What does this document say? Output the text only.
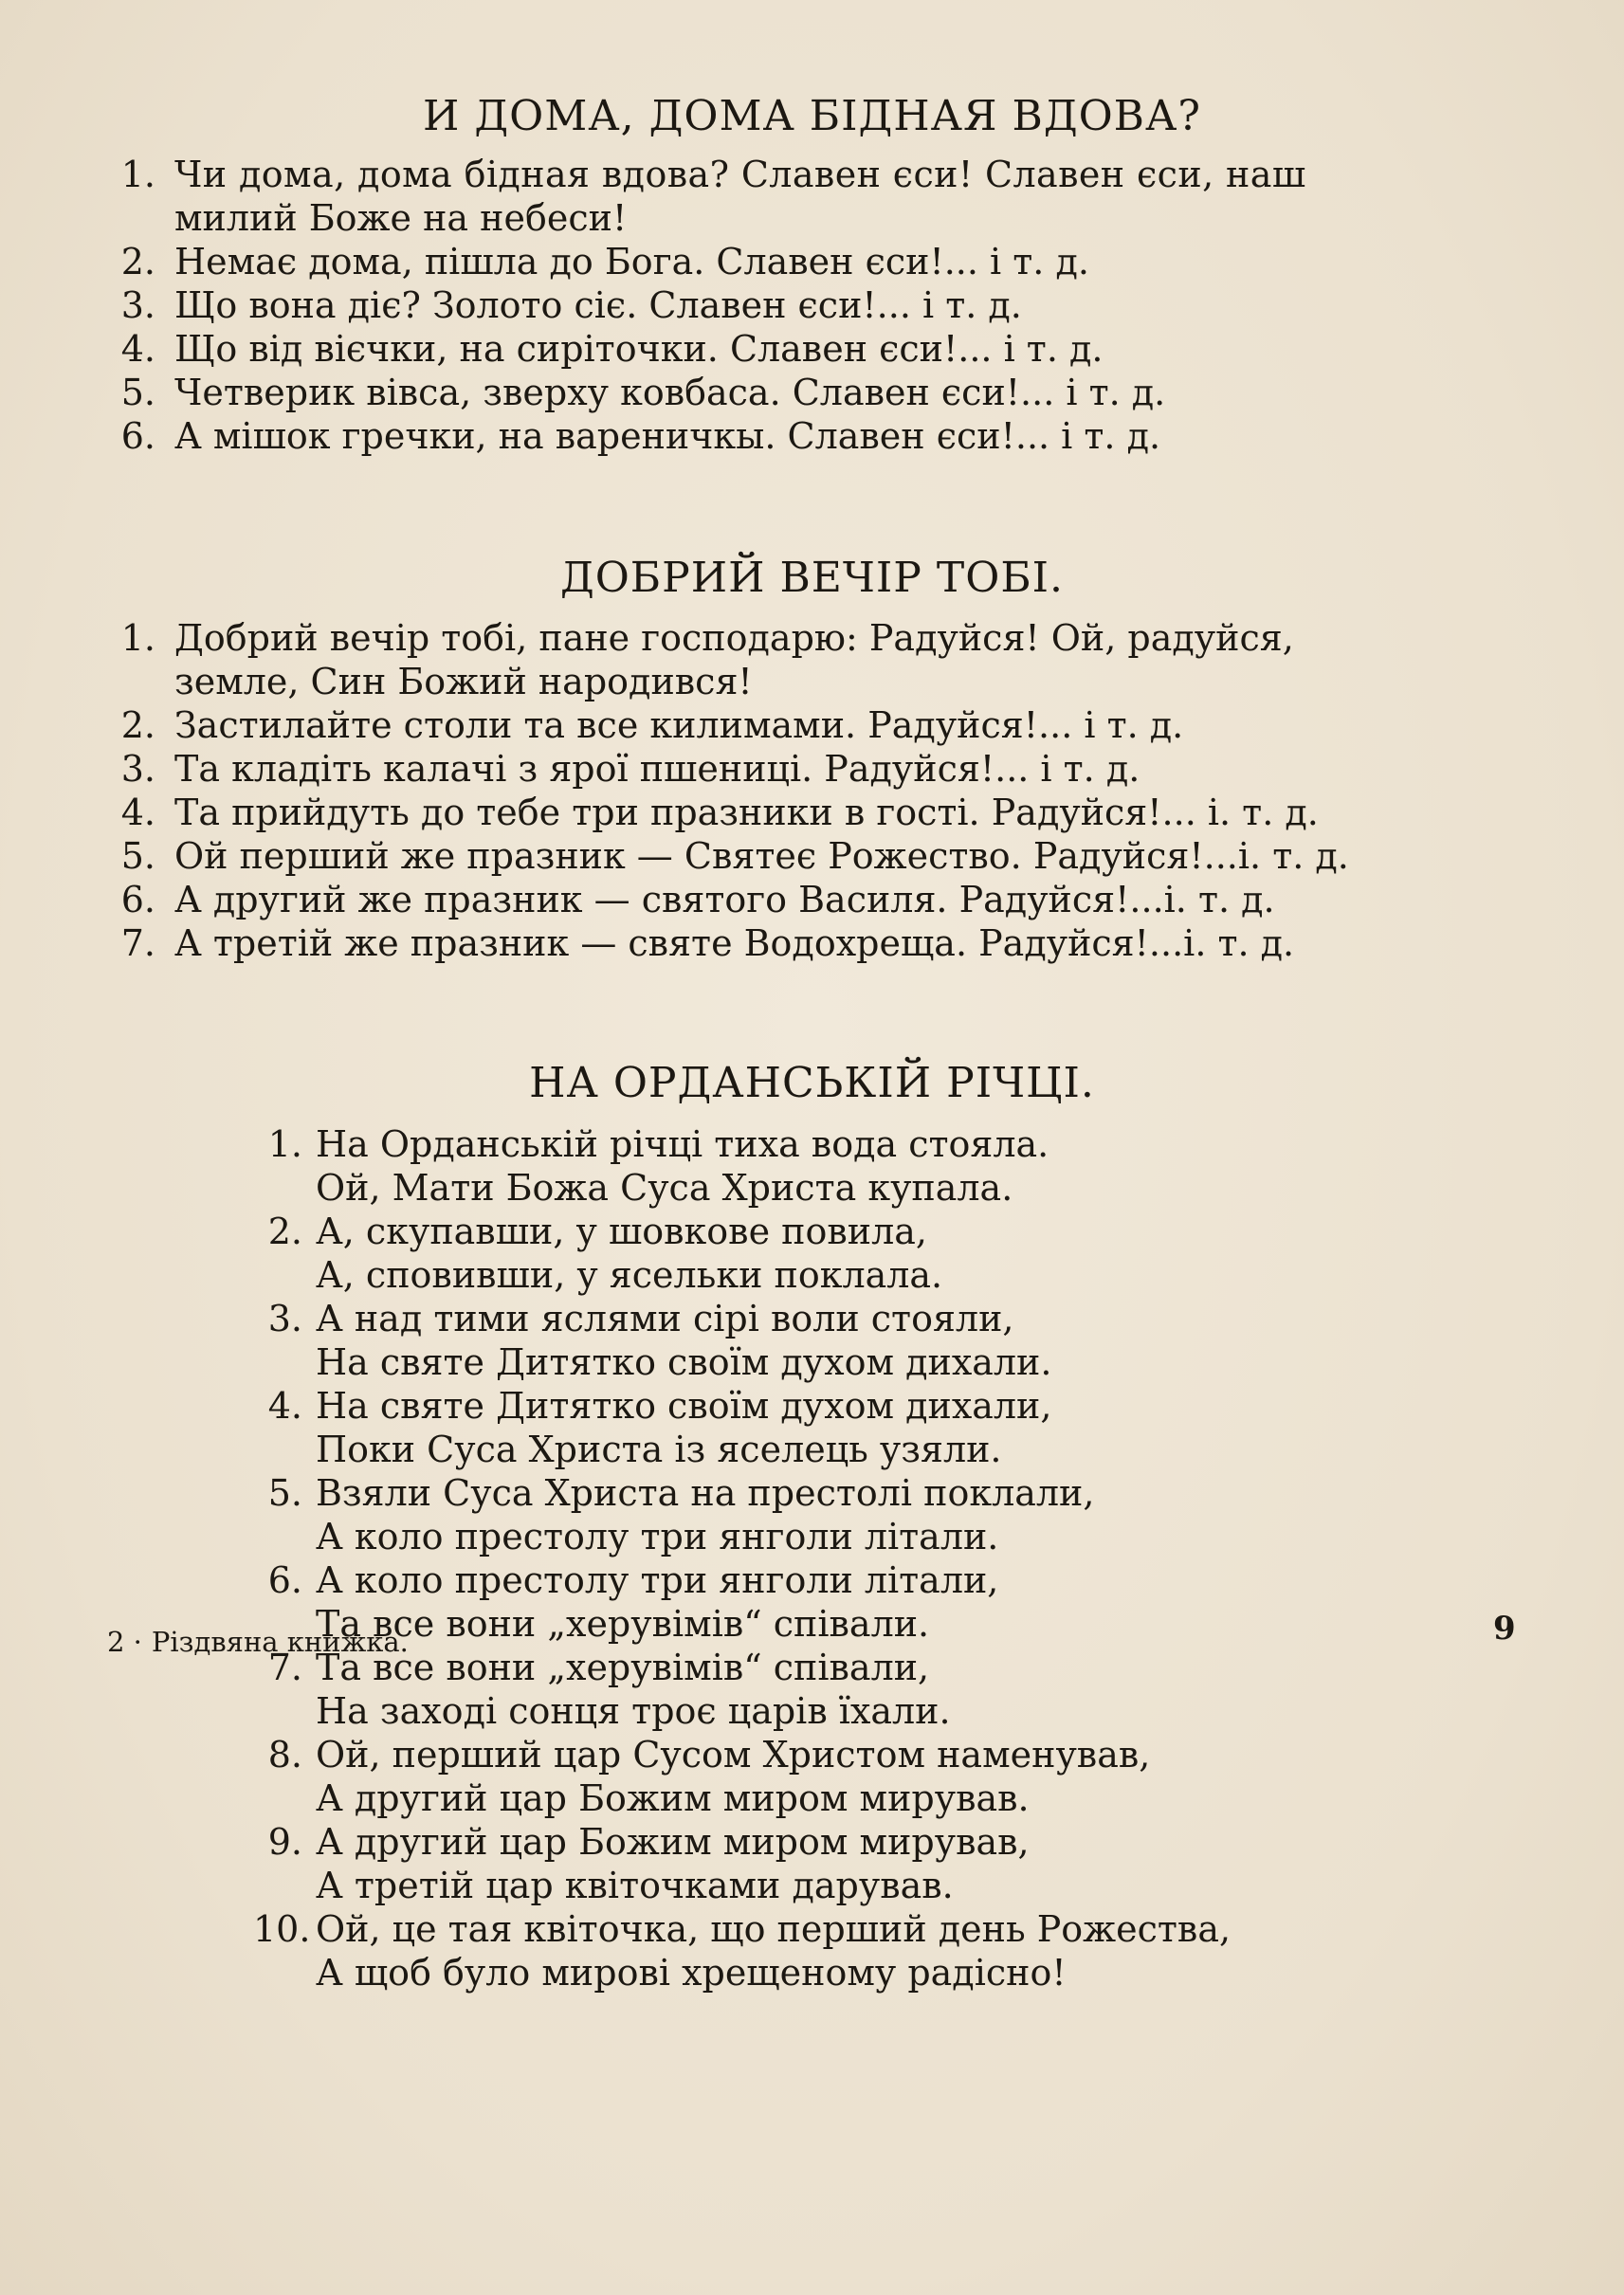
И ДОМА, ДОМА БІДНАЯ ВДОВА?
1. Чи дома, дома бідная вдова? Славен єси! Славен єси, наш
милий Боже на небеси!
2. Немає дома, пішла до Бога. Славен єси!... і т. д.
3. Що вона діє? Золото сіє. Славен єси!... і т. д.
4. Що від вієчки, на сиріточки. Славен єси!... і т. д.
5. Четверик вівса, зверху ковбаса. Славен єси!... і т. д.
6. А мішок гречки, на вареничкы. Славен єси!... і т. д.
ДОБРИЙ ВЕЧІР ТОБІ.
1. Добрий вечір тобі, пане господарю: Радуйся! Ой, радуйся,
земле, Син Божий народився!
2. Застилайте столи та все килимами. Радуйся!... і т. д.
3. Та кладіть калачі з ярої пшениці. Радуйся!... і т. д.
4. Та прийдуть до тебе три празники в гості. Радуйся!... і. т. д.
5. Ой перший же празник — Святеє Рожество. Радуйся!...і. т. д.
6. А другий же празник — святого Василя. Радуйся!...і. т. д.
7. А третій же празник — святе Водохреща. Радуйся!...і. т. д.
НА ОРДАНСЬКІЙ РІЧЦІ.
1. На Орданській річці тиха вода стояла.
Ой, Мати Божа Суса Христа купала.
2. А, скупавши, у шовкове повила,
А, сповивши, у ясельки поклала.
3. А над тими яслями сірі воли стояли,
На святе Дитятко своїм духом дихали.
4. На святе Дитятко своїм духом дихали,
Поки Суса Христа із яселець узяли.
5. Взяли Суса Христа на престолі поклали,
А коло престолу три янголи літали.
6. А коло престолу три янголи літали,
Та все вони „херувімів“ співали.
7. Та все вони „херувімів“ співали,
На заході сонця троє царів їхали.
8. Ой, перший цар Сусом Христом наменував,
А другий цар Божим миром мирував.
9. А другий цар Божим миром мирував,
А третій цар квіточками дарував.
10. Ой, це тая квіточка, що перший день Рожества,
А щоб було мирові хрещеному радісно!
2 · Різдвяна книжка.	9
